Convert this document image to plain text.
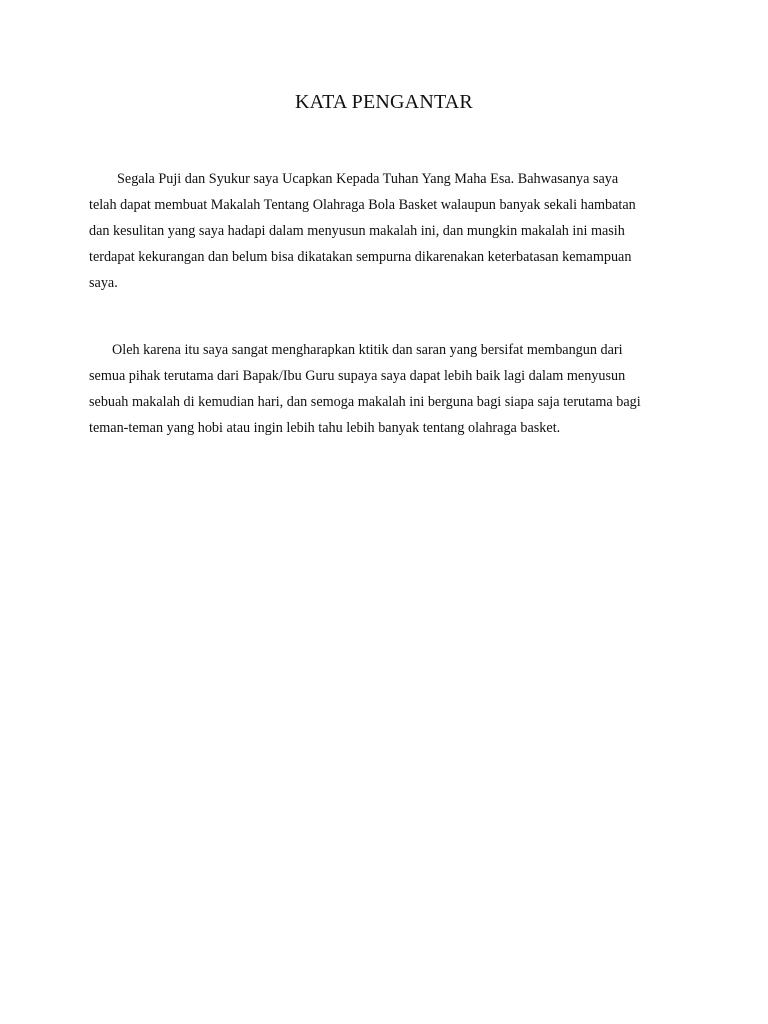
KATA PENGANTAR

Segala Puji dan Syukur saya Ucapkan Kepada Tuhan Yang Maha Esa. Bahwasanya saya
telah dapat membuat Makalah Tentang Olahraga Bola Basket walaupun banyak sekali hambatan
dan kesulitan yang saya hadapi dalam menyusun makalah ini, dan mungkin makalah ini masih
terdapat kekurangan dan belum bisa dikatakan sempurna dikarenakan keterbatasan kemampuan
saya.

Oleh karena itu saya sangat mengharapkan ktitik dan saran yang bersifat membangun dari
semua pihak terutama dari Bapak/Ibu Guru supaya saya dapat lebih baik lagi dalam menyusun
sebuah makalah di kemudian hari, dan semoga makalah ini berguna bagi siapa saja terutama bagi
teman-teman yang hobi atau ingin lebih tahu lebih banyak tentang olahraga basket.
